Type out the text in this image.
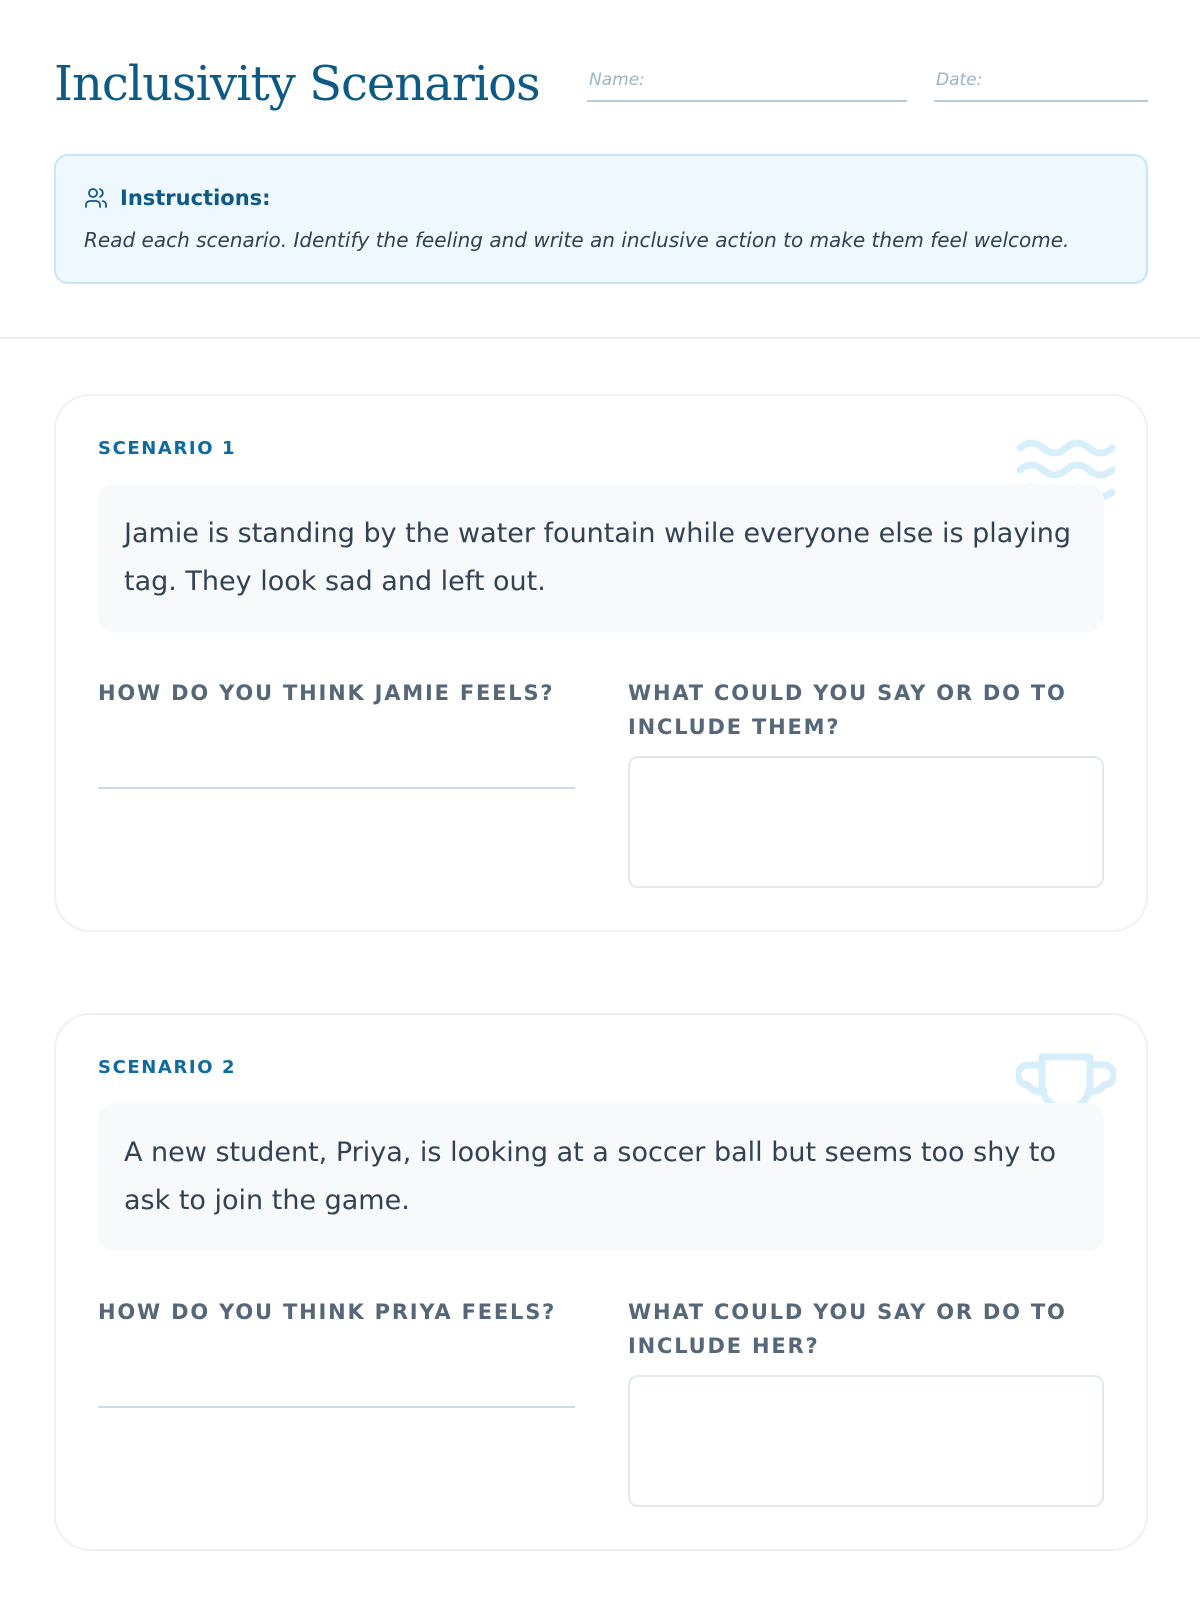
Inclusivity Scenarios	Name:	Date:
Instructions:

Read each scenario. Identify the feeling and write an inclusive action to make them feel welcome.

SCENARIO 1

Jamie is standing by the water fountain while everyone else is playing tag. They look sad and left out.

HOW DO YOU THINK JAMIE FEELS?	WHAT COULD YOU SAY OR DO TO INCLUDE THEM?
SCENARIO 2

A new student, Priya, is looking at a soccer ball but seems too shy to ask to join the game.

HOW DO YOU THINK PRIYA FEELS?	WHAT COULD YOU SAY OR DO TO INCLUDE HER?
